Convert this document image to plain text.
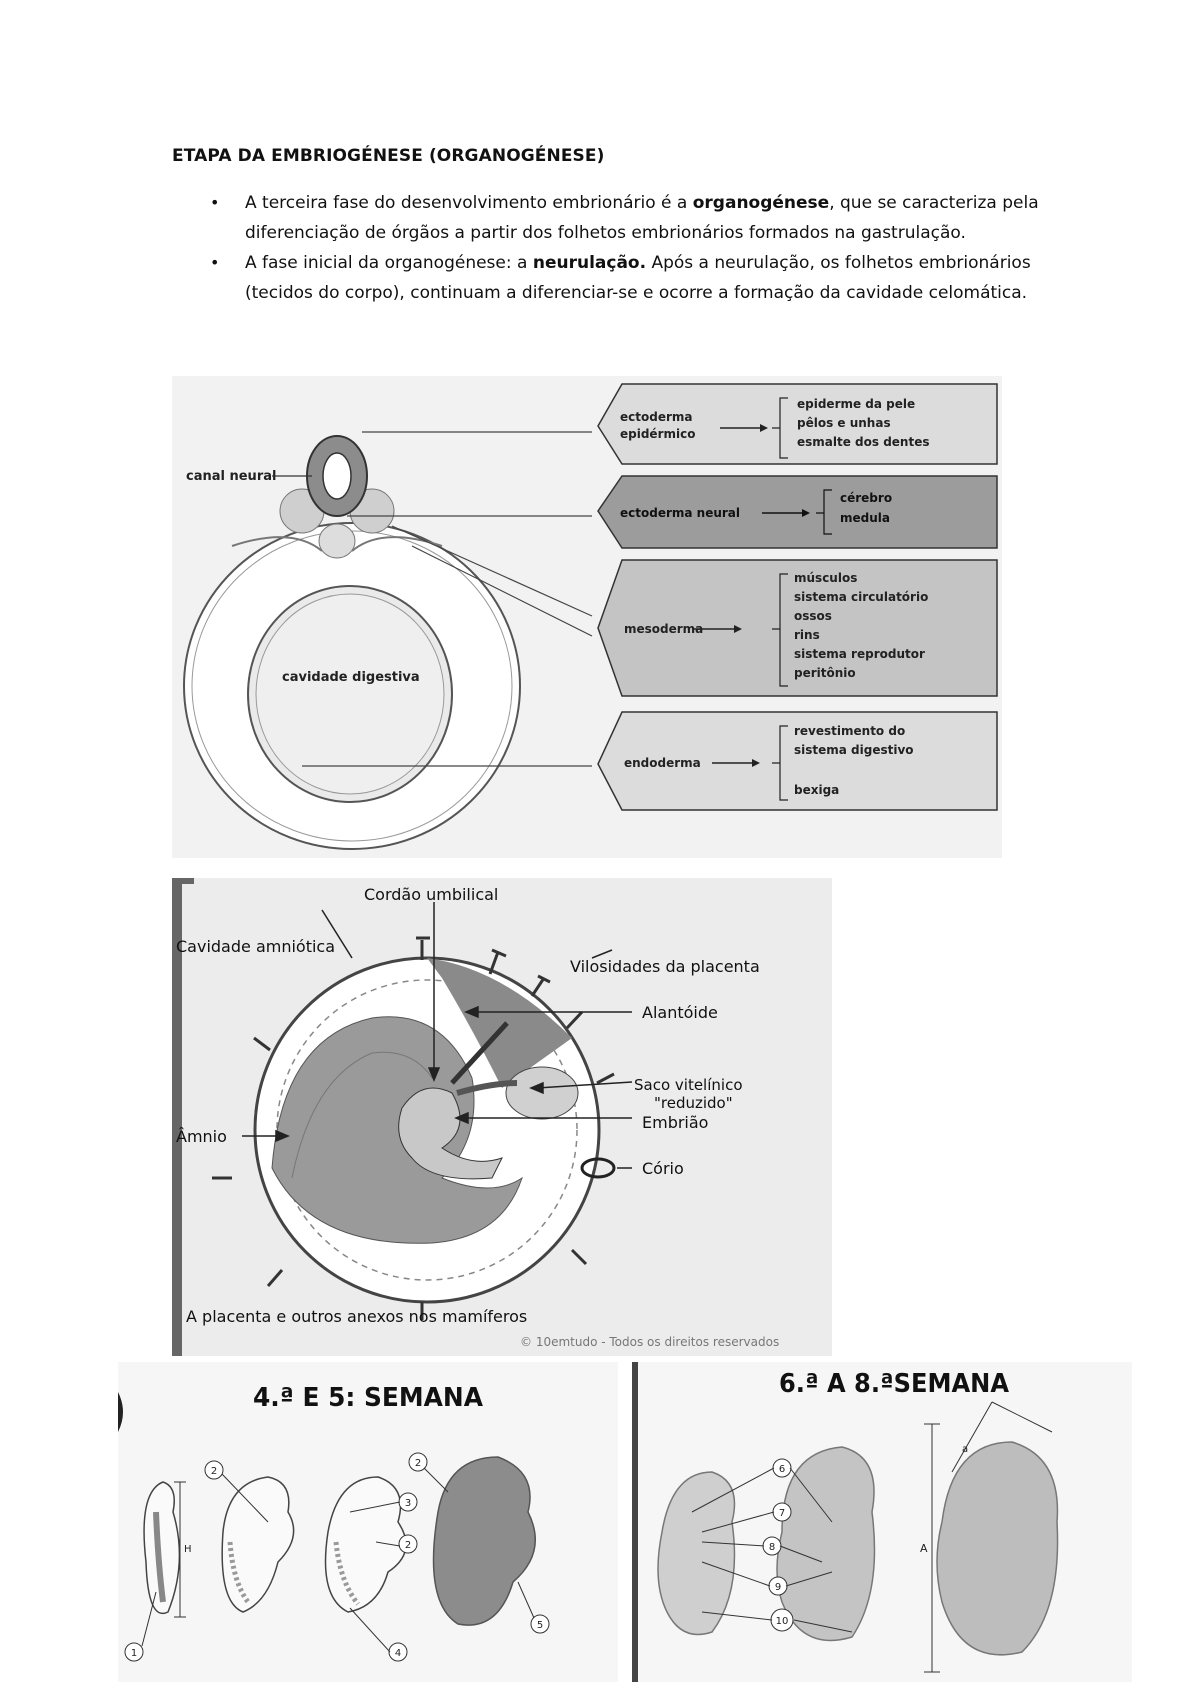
ETAPA DA EMBRIOGÉNESE (ORGANOGÉNESE)
• A terceira fase do desenvolvimento embrionário é a organogénese, que se caracteriza pela diferenciação de órgãos a partir dos folhetos embrionários formados na gastrulação.
• A fase inicial da organogénese: a neurulação. Após a neurulação, os folhetos embrionários (tecidos do corpo), continuam a diferenciar-se e ocorre a formação da cavidade celomática.
canal neural
cavidade digestiva
ectoderma
epidérmico
epiderme da pele
pêlos e unhas
esmalte dos dentes
ectoderma neural
cérebro
medula
mesoderma
músculos
sistema circulatório
ossos
rins
sistema reprodutor
peritônio
endoderma
revestimento do
sistema digestivo
bexiga
Cordão umbilical
Cavidade amniótica
Vilosidades da placenta
Alantóide
Saco vitelínico
"reduzido"
Âmnio
Embrião
Cório
A placenta e outros anexos nos mamíferos
© 10emtudo - Todos os direitos reservados
4.ª E 5: SEMANA
H
1
2
3
2
4
2
5
6.ª A 8.ªSEMANA
a
A
6
7
8
9
10
